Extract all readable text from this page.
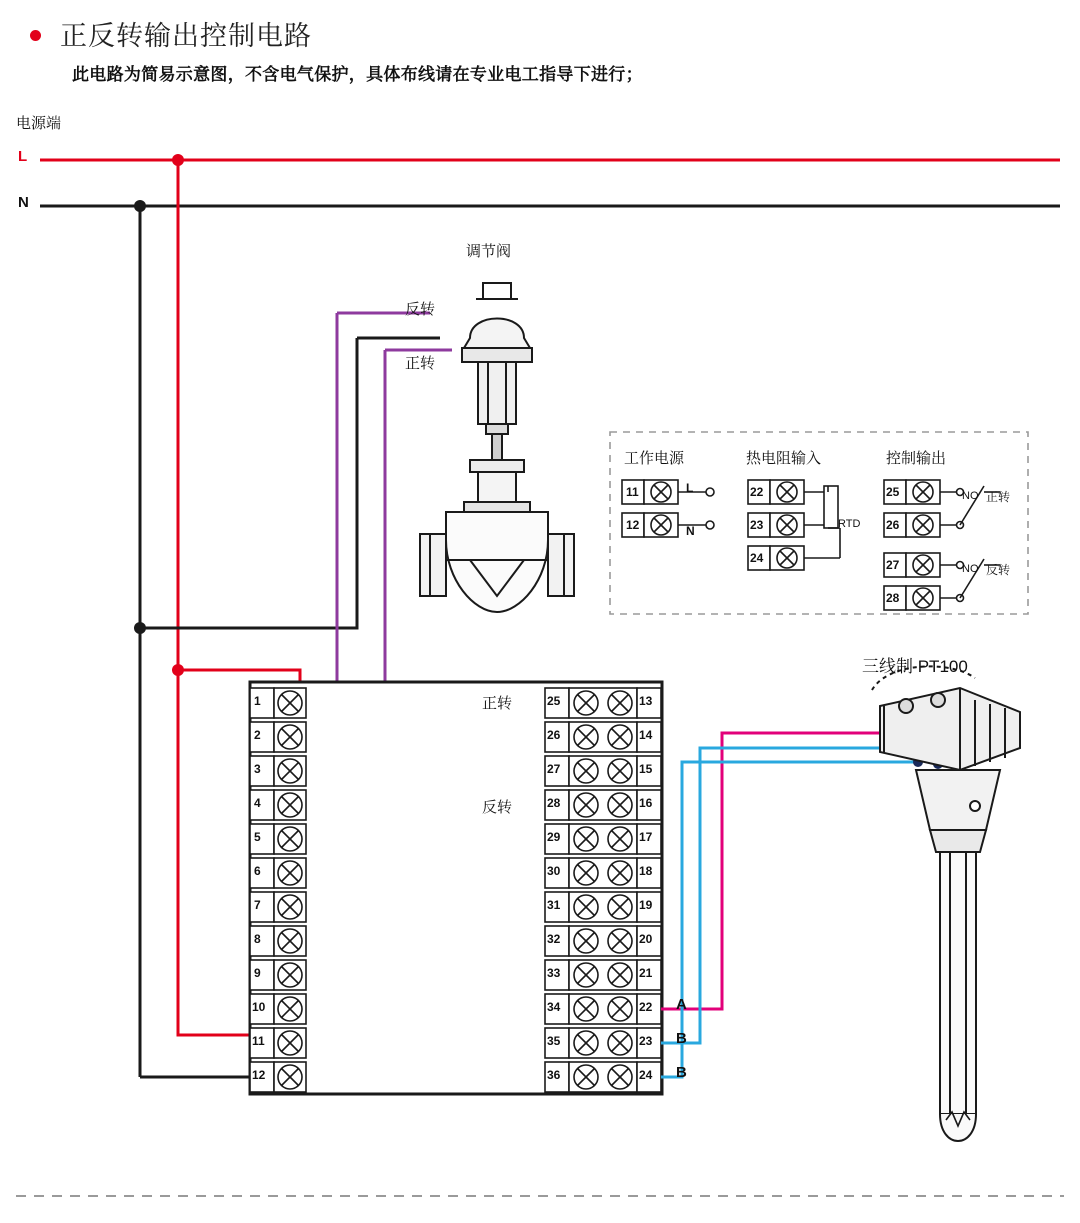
正反转输出控制电路
此电路为简易示意图，不含电气保护，具体布线请在专业电工指导下进行；
电源端
L
N
调节阀
反转
正转
工作电源	热电阻输入	控制输出
11
12
L
N
22
23
24
RTD
25
26
27
28
NO
NO
正转
反转
正转
反转
A
B
B
三线制 PT100
1
2
3
4
5
6
7
8
9
10
11
12
25
26
27
28
29
30
31
32
33
34
35
36
13
14
15
16
17
18
19
20
21
22
23
24
